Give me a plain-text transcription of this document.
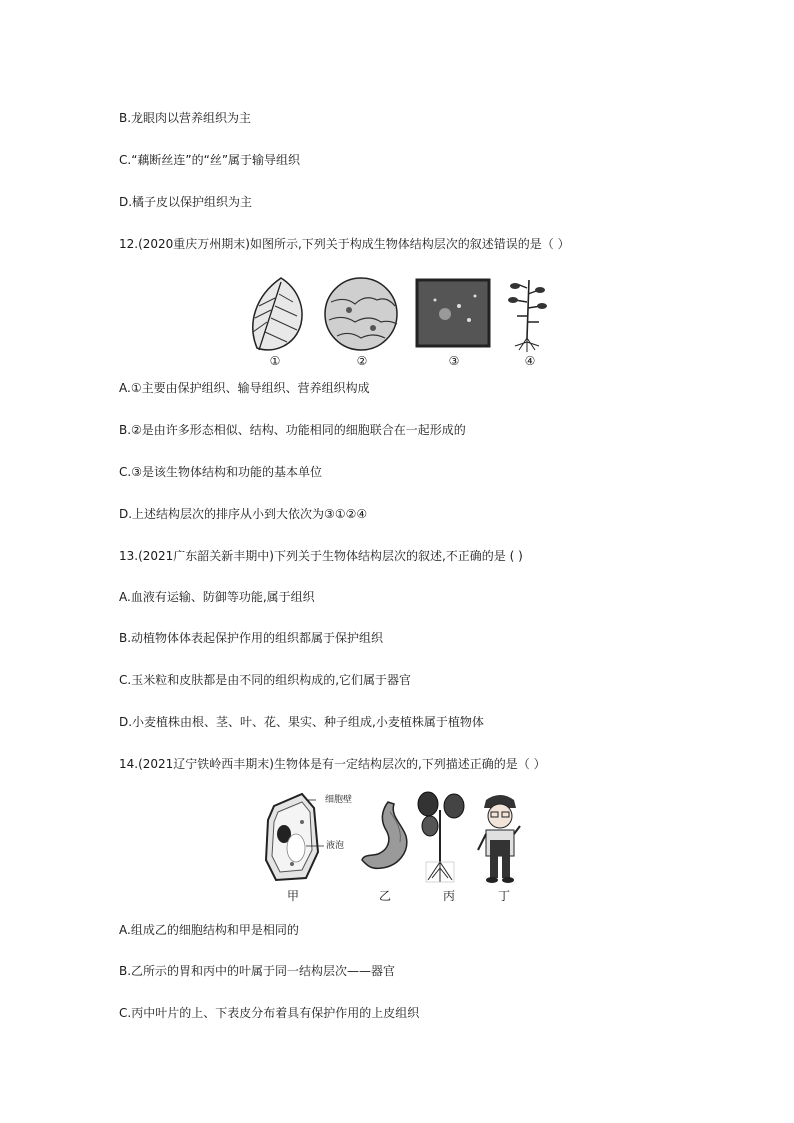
B.龙眼肉以营养组织为主
C.“藕断丝连”的“丝”属于输导组织
D.橘子皮以保护组织为主
12.(2020重庆万州期末)如图所示,下列关于构成生物体结构层次的叙述错误的是（ ）
①	②	③	④
A.①主要由保护组织、输导组织、营养组织构成
B.②是由许多形态相似、结构、功能相同的细胞联合在一起形成的
C.③是该生物体结构和功能的基本单位
D.上述结构层次的排序从小到大依次为③①②④
13.(2021广东韶关新丰期中)下列关于生物体结构层次的叙述,不正确的是 ( )
A.血液有运输、防御等功能,属于组织
B.动植物体体表起保护作用的组织都属于保护组织
C.玉米粒和皮肤都是由不同的组织构成的,它们属于器官
D.小麦植株由根、茎、叶、花、果实、种子组成,小麦植株属于植物体
14.(2021辽宁铁岭西丰期末)生物体是有一定结构层次的,下列描述正确的是（ ）
细胞壁
液泡
甲	乙	丙	丁
A.组成乙的细胞结构和甲是相同的
B.乙所示的胃和丙中的叶属于同一结构层次——器官
C.丙中叶片的上、下表皮分布着具有保护作用的上皮组织
